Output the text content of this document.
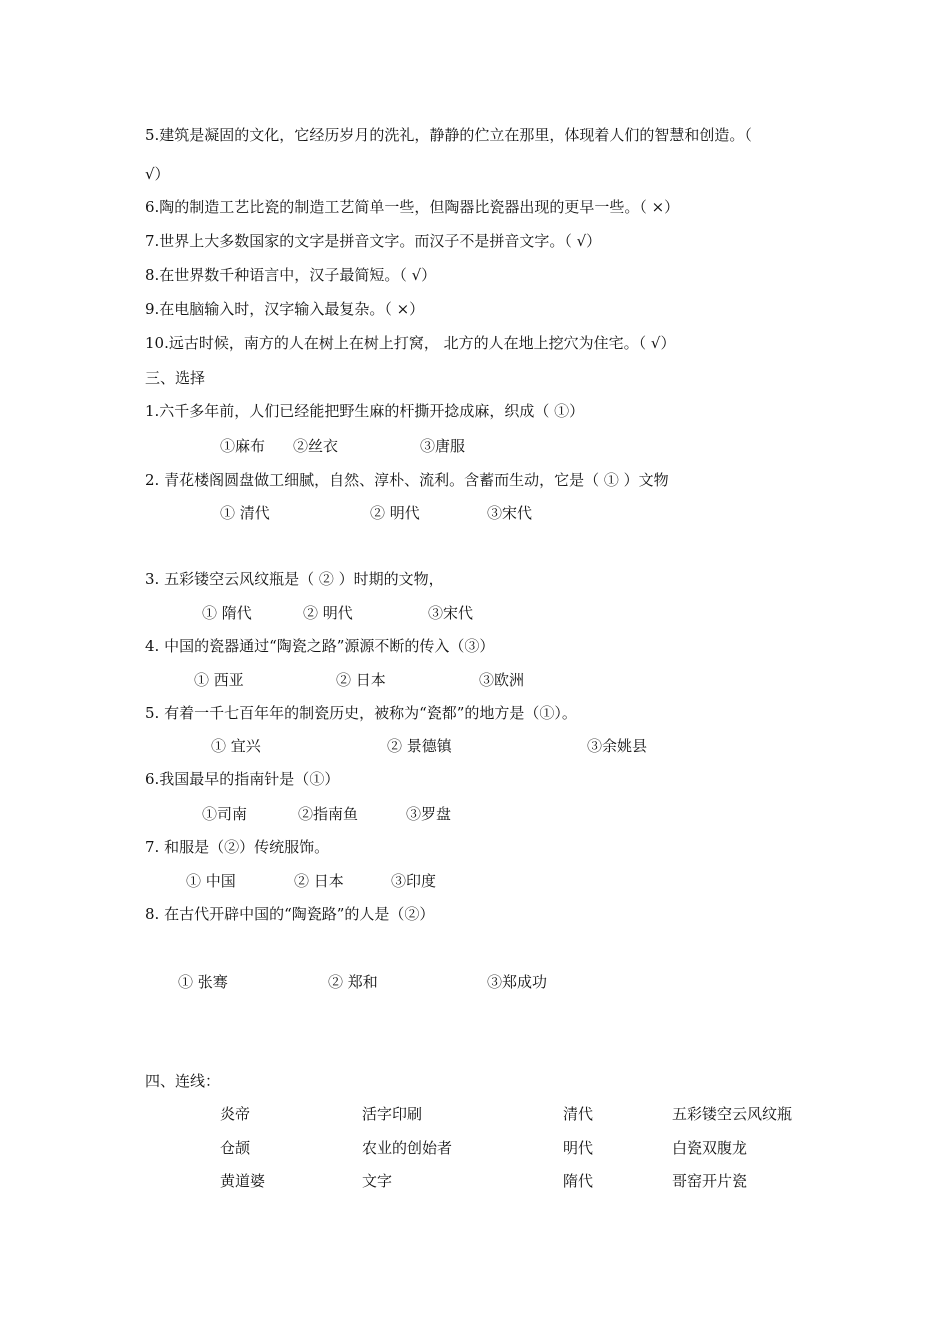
5.建筑是凝固的文化，它经历岁月的洗礼，静静的伫立在那里，体现着人们的智慧和创造。（
√）
6.陶的制造工艺比瓷的制造工艺简单一些，但陶器比瓷器出现的更早一些。（ ×）
7.世界上大多数国家的文字是拼音文字。而汉子不是拼音文字。（ √）
8.在世界数千种语言中，汉子最简短。（ √）
9.在电脑输入时，汉字输入最复杂。（ ×）
10.远古时候，南方的人在树上在树上打窝， 北方的人在地上挖穴为住宅。（ √）
三、选择
1.六千多年前，人们已经能把野生麻的杆撕开捻成麻，织成（ ①）
①麻布 ②丝衣	③唐服
2. 青花楼阁圆盘做工细腻，自然、淳朴、流利。含蓄而生动，它是（ ① ）文物
① 清代	② 明代	③宋代
3. 五彩镂空云风纹瓶是（ ② ）时期的文物，
① 隋代	② 明代	③宋代
4. 中国的瓷器通过“陶瓷之路”源源不断的传入（③）
① 西亚	② 日本	③欧洲
5. 有着一千七百年年的制瓷历史，被称为“瓷都”的地方是（①）。
① 宜兴	② 景德镇	③余姚县
6.我国最早的指南针是（①）
①司南	②指南鱼	③罗盘
7. 和服是（②）传统服饰。
① 中国	② 日本	③印度
8. 在古代开辟中国的“陶瓷路”的人是（②）
① 张骞	② 郑和	③郑成功
四、连线：
炎帝	活字印刷	清代	五彩镂空云风纹瓶
仓颉	农业的创始者	明代	白瓷双腹龙
黄道婆	文字	隋代	哥窑开片瓷
